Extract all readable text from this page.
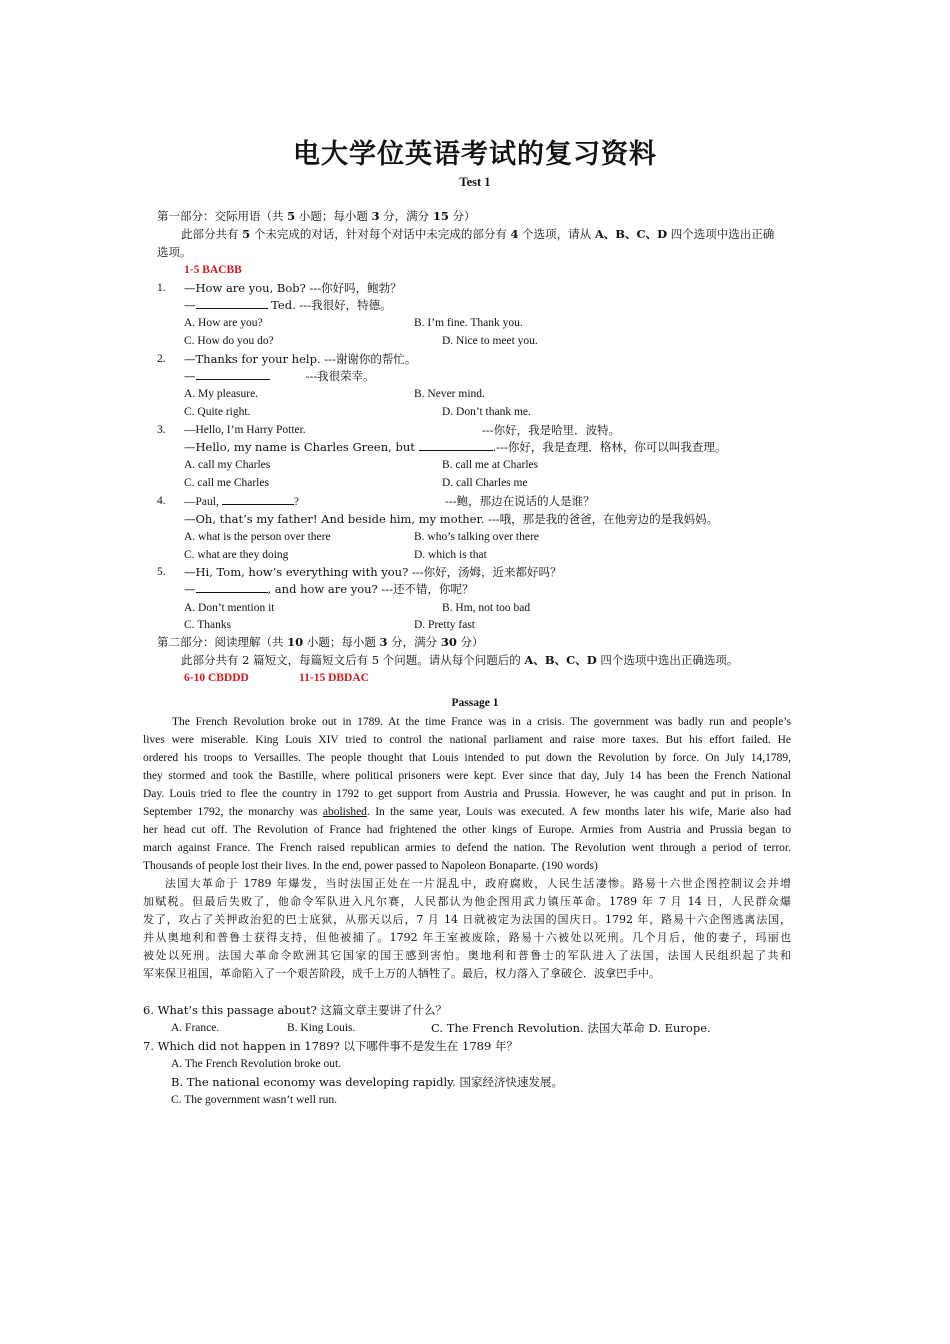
电大学位英语考试的复习资料
Test 1
第一部分：交际用语（共 5 小题；每小题 3 分，满分 15 分）
此部分共有 5 个未完成的对话，针对每个对话中未完成的部分有 4 个选项，请从 A、B、C、D 四个选项中选出正确
选项。
1-5 BACBB
1. —How are you, Bob? ---你好吗，鲍勃？
—	Ted. ---我很好，特德。
A. How are you?	B. I’m fine. Thank you.
C. How do you do?	D. Nice to meet you.
2. —Thanks for your help. ---谢谢你的帮忙。
—	---我很荣幸。
A. My pleasure.	B. Never mind.
C. Quite right.	D. Don’t thank me.
3. —Hello, I’m Harry Potter.	---你好，我是哈里．波特。
—Hello, my name is Charles Green, but	.---你好，我是查理．格林，你可以叫我查理。
A. call my Charles	B. call me at Charles
C. call me Charles	D. call Charles me
4. —Paul,	?	---鲍，那边在说话的人是谁？
—Oh, that’s my father! And beside him, my mother. ---哦，那是我的爸爸，在他旁边的是我妈妈。
A. what is the person over there	B. who’s talking over there
C. what are they doing	D. which is that
5. —Hi, Tom, how’s everything with you? ---你好，汤姆，近来都好吗？
—	, and how are you? ---还不错，你呢？
A. Don’t mention it	B. Hm, not too bad
C. Thanks	D. Pretty fast
第二部分：阅读理解（共 10 小题；每小题 3 分，满分 30 分）
此部分共有 2 篇短文，每篇短文后有 5 个问题。请从每个问题后的 A、B、C、D 四个选项中选出正确选项。
6-10 CBDDD	11-15 DBDAC
Passage 1

The French Revolution broke out in 1789. At the time France was in a crisis. The government was badly run and people’s

lives were miserable. King Louis XIV tried to control the national parliament and raise more taxes. But his effort failed. He

ordered his troops to Versailles. The people thought that Louis intended to put down the Revolution by force. On July 14,1789,

they stormed and took the Bastille, where political prisoners were kept. Ever since that day, July 14 has been the French National

Day. Louis tried to flee the country in 1792 to get support from Austria and Prussia. However, he was caught and put in prison. In

September 1792, the monarchy was abolished. In the same year, Louis was executed. A few months later his wife, Marie also had

her head cut off. The Revolution of France had frightened the other kings of Europe. Armies from Austria and Prussia began to

march against France. The French raised republican armies to defend the nation. The Revolution went through a period of terror.

Thousands of people lost their lives. In the end, power passed to Napoleon Bonaparte. (190 words)

法国大革命于 1789 年爆发，当时法国正处在一片混乱中，政府腐败，人民生活凄惨。路易十六世企图控制议会并增

加赋税。但最后失败了，他命令军队进入凡尔赛，人民都认为他企图用武力镇压革命。1789 年 7 月 14 日，人民群众爆

发了，攻占了关押政治犯的巴士底狱，从那天以后，7 月 14 日就被定为法国的国庆日。1792 年，路易十六企图逃离法国，

并从奥地利和普鲁士获得支持，但他被捕了。1792 年王室被废除，路易十六被处以死刑。几个月后，他的妻子，玛丽也

被处以死刑。法国大革命令欧洲其它国家的国王感到害怕。奥地利和普鲁士的军队进入了法国，法国人民组织起了共和

军来保卫祖国，革命陷入了一个艰苦阶段，成千上万的人牺牲了。最后，权力落入了拿破仑．波拿巴手中。

6. What’s this passage about? 这篇文章主要讲了什么？
A. France.	B. King Louis.	C. The French Revolution. 法国大革命 D. Europe.
7. Which did not happen in 1789? 以下哪件事不是发生在 1789 年？
A. The French Revolution broke out.
B. The national economy was developing rapidly. 国家经济快速发展。
C. The government wasn’t well run.
